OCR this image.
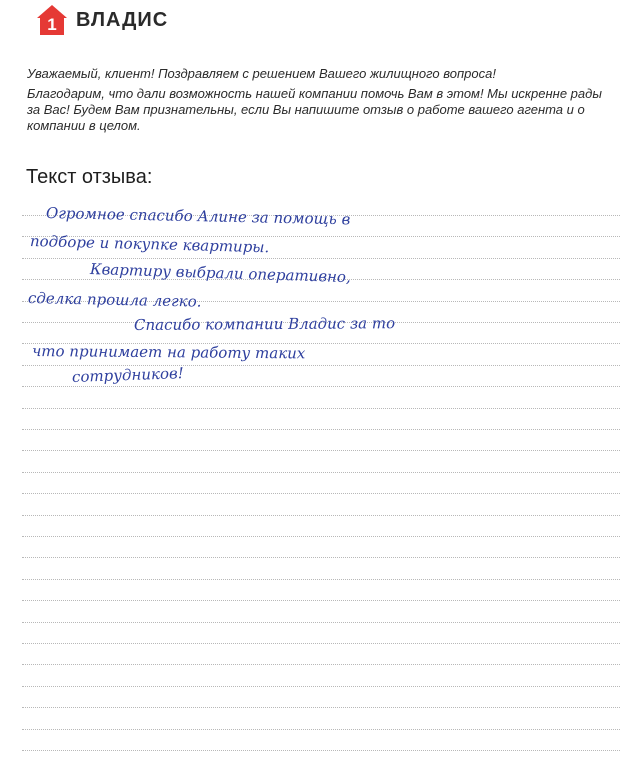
1 ВЛАДИС

Уважаемый, клиент! Поздравляем с решением Вашего жилищного вопроса!

Благодарим, что дали возможность нашей компании помочь Вам в этом! Мы искренне рады за Вас! Будем Вам признательны, если Вы напишите отзыв о работе вашего агента и о компании в целом.

Текст отзыва:
Огромное спасибо Алине за помощь в
подборе и покупке квартиры.
Квартиру выбрали оперативно,
сделка прошла легко.
Спасибо компании Владис за то
что принимает на работу таких
сотрудников!
